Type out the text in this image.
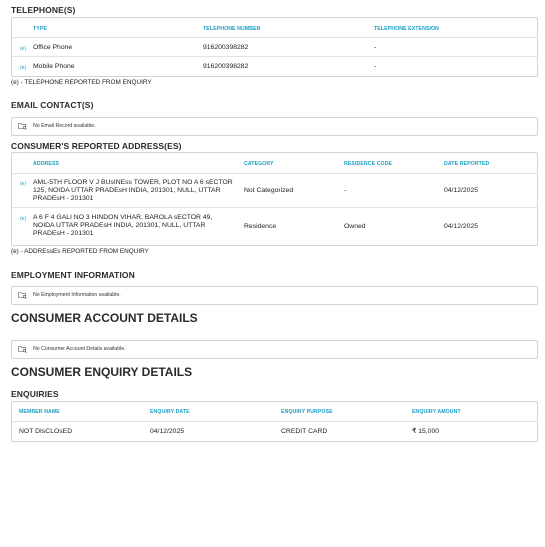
TELEPHONE(S)
TYPE	TELEPHONE NUMBER	TELEPHONE EXTENSION
(e) Office Phone	916200398282	-
(e) Mobile Phone	916200398282	-
(e) - TELEPHONE REPORTED FROM ENQUIRY
EMAIL CONTACT(S)
No Email Record available.
CONSUMER'S REPORTED ADDRESS(ES)
ADDRESS	CATEGORY	RESIDENCE CODE	DATE REPORTED
(e) AML-5TH FLOOR V J BUsINEss TOWER, PLOT NO A 6 sECTOR
125, NOIDA UTTAR PRADEsH INDIA, 201301, NULL, UTTAR
PRADEsH - 201301
Not Categorized	-	04/12/2025
(e) A 6 F 4 GALI NO 3 HINDON VIHAR, BAROLA sECTOR 49,
NOIDA UTTAR PRADEsH INDIA, 201301, NULL, UTTAR
PRADEsH - 201301
Residence	Owned	04/12/2025
(e) - ADDREssEs REPORTED FROM ENQUIRY
EMPLOYMENT INFORMATION
No Employment Information available.
CONSUMER ACCOUNT DETAILS
No Consumer Account Details available.
CONSUMER ENQUIRY DETAILS
ENQUIRIES
MEMBER NAME	ENQUIRY DATE	ENQUIRY PURPOSE	ENQUIRY AMOUNT
NOT DIsCLOsED	04/12/2025	CREDIT CARD	₹ 15,000
